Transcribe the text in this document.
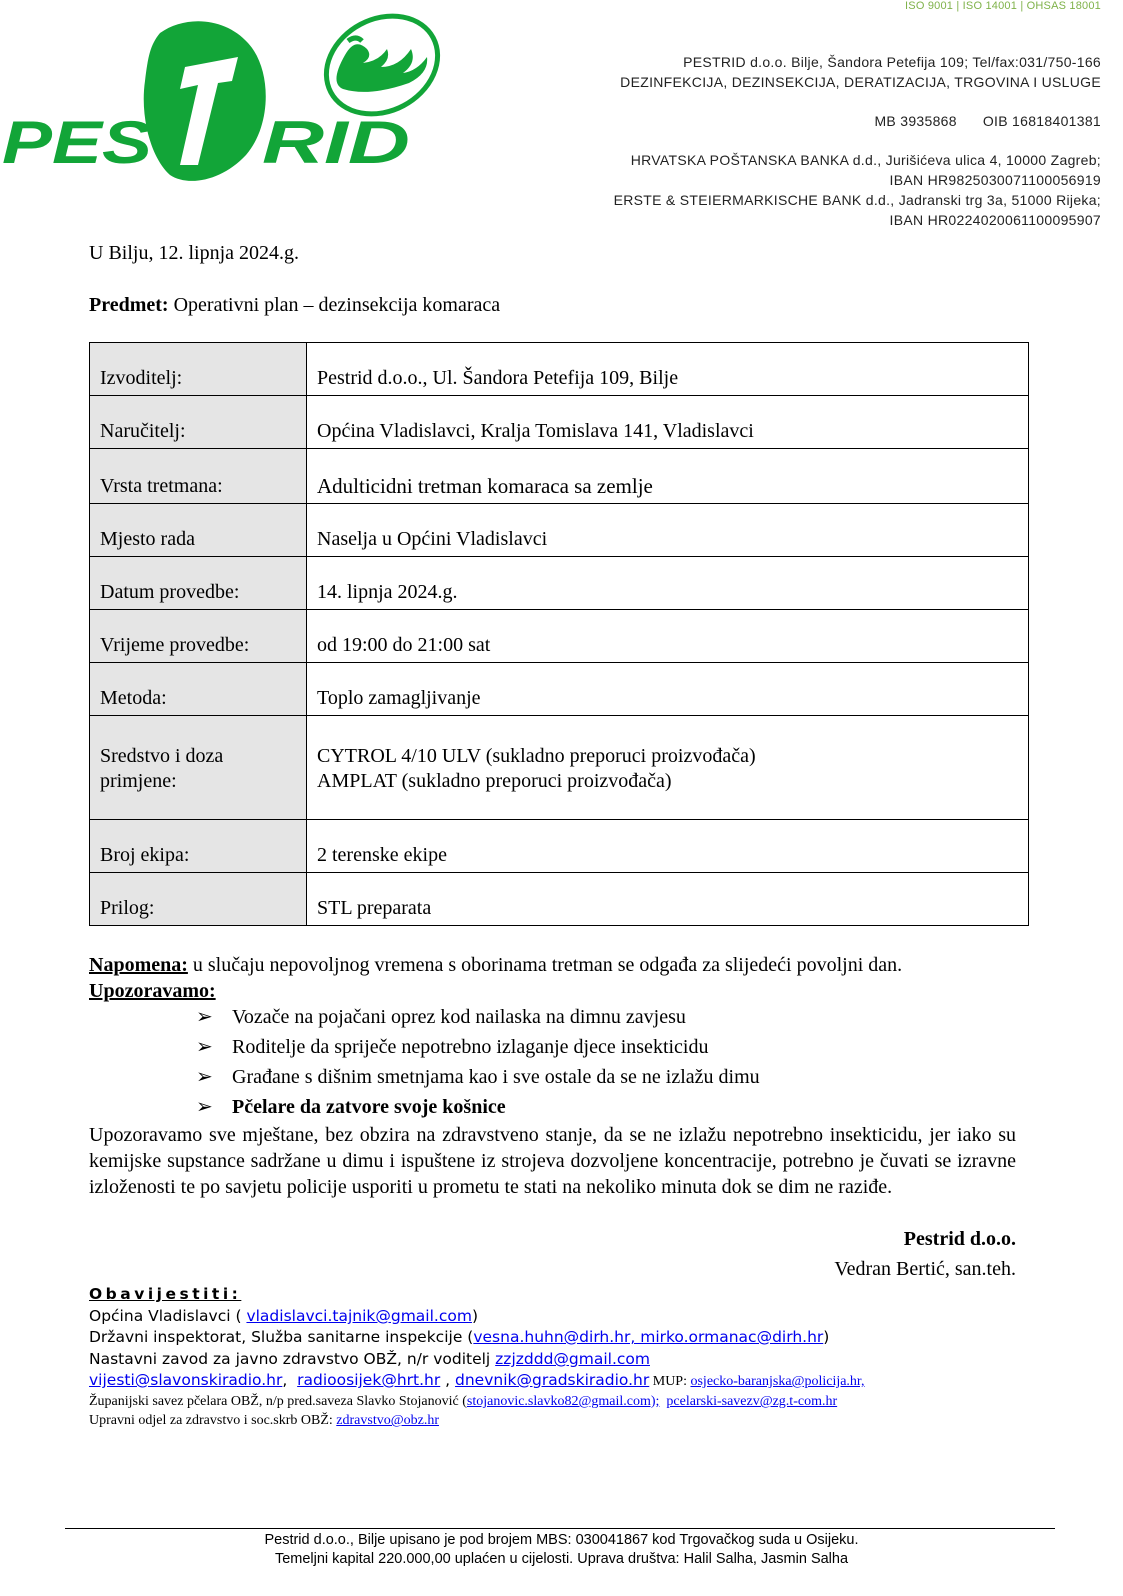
ISO 9001 | ISO 14001 | OHSAS 18001
PES RID
PESTRID d.o.o. Bilje, Šandora Petefija 109; Tel/fax:031/750-166
DEZINFEKCIJA, DEZINSEKCIJA, DERATIZACIJA, TRGOVINA I USLUGE
MB 3935868 OIB 16818401381
HRVATSKA POŠTANSKA BANKA d.d., Jurišićeva ulica 4, 10000 Zagreb;
IBAN HR9825030071100056919
ERSTE & STEIERMARKISCHE BANK d.d., Jadranski trg 3a, 51000 Rijeka;
IBAN HR0224020061100095907
U Bilju, 12. lipnja 2024.g.
Predmet: Operativni plan – dezinsekcija komaraca
Izvoditelj:	Pestrid d.o.o., Ul. Šandora Petefija 109, Bilje
Naručitelj:	Općina Vladislavci, Kralja Tomislava 141, Vladislavci
Vrsta tretmana:	Adulticidni tretman komaraca sa zemlje
Mjesto rada	Naselja u Općini Vladislavci
Datum provedbe:	14. lipnja 2024.g.
Vrijeme provedbe:	od 19:00 do 21:00 sat
Metoda:	Toplo zamagljivanje
Sredstvo i doza primjene:	CYTROL 4/10 ULV (sukladno preporuci proizvođača)
AMPLAT (sukladno preporuci proizvođača)

Broj ekipa:	2 terenske ekipe
Prilog:	STL preparata
Napomena: u slučaju nepovoljnog vremena s oborinama tretman se odgađa za slijedeći povoljni dan.
Upozoravamo:
➢ Vozače na pojačani oprez kod nailaska na dimnu zavjesu
➢ Roditelje da spriječe nepotrebno izlaganje djece insekticidu
➢ Građane s dišnim smetnjama kao i sve ostale da se ne izlažu dimu
➢ Pčelare da zatvore svoje košnice
Upozoravamo sve mještane, bez obzira na zdravstveno stanje, da se ne izlažu nepotrebno insekticidu, jer iako su kemijske supstance sadržane u dimu i ispuštene iz strojeva dozvoljene koncentracije, potrebno je čuvati se izravne izloženosti te po savjetu policije usporiti u prometu te stati na nekoliko minuta dok se dim ne raziđe.
Pestrid d.o.o.
Vedran Bertić, san.teh.
Obavijestiti:
Općina Vladislavci ( vladislavci.tajnik@gmail.com)
Državni inspektorat, Služba sanitarne inspekcije (vesna.huhn@dirh.hr, mirko.ormanac@dirh.hr)
Nastavni zavod za javno zdravstvo OBŽ, n/r voditelj zzjzddd@gmail.com
vijesti@slavonskiradio.hr,  radioosijek@hrt.hr , dnevnik@gradskiradio.hr MUP: osjecko-baranjska@policija.hr,
Županijski savez pčelara OBŽ, n/p pred.saveza Slavko Stojanović (stojanovic.slavko82@gmail.com); pcelarski-savezv@zg.t-com.hr
Upravni odjel za zdravstvo i soc.skrb OBŽ: zdravstvo@obz.hr
Pestrid d.o.o., Bilje upisano je pod brojem MBS: 030041867 kod Trgovačkog suda u Osijeku.
Temeljni kapital 220.000,00 uplaćen u cijelosti. Uprava društva: Halil Salha, Jasmin Salha
